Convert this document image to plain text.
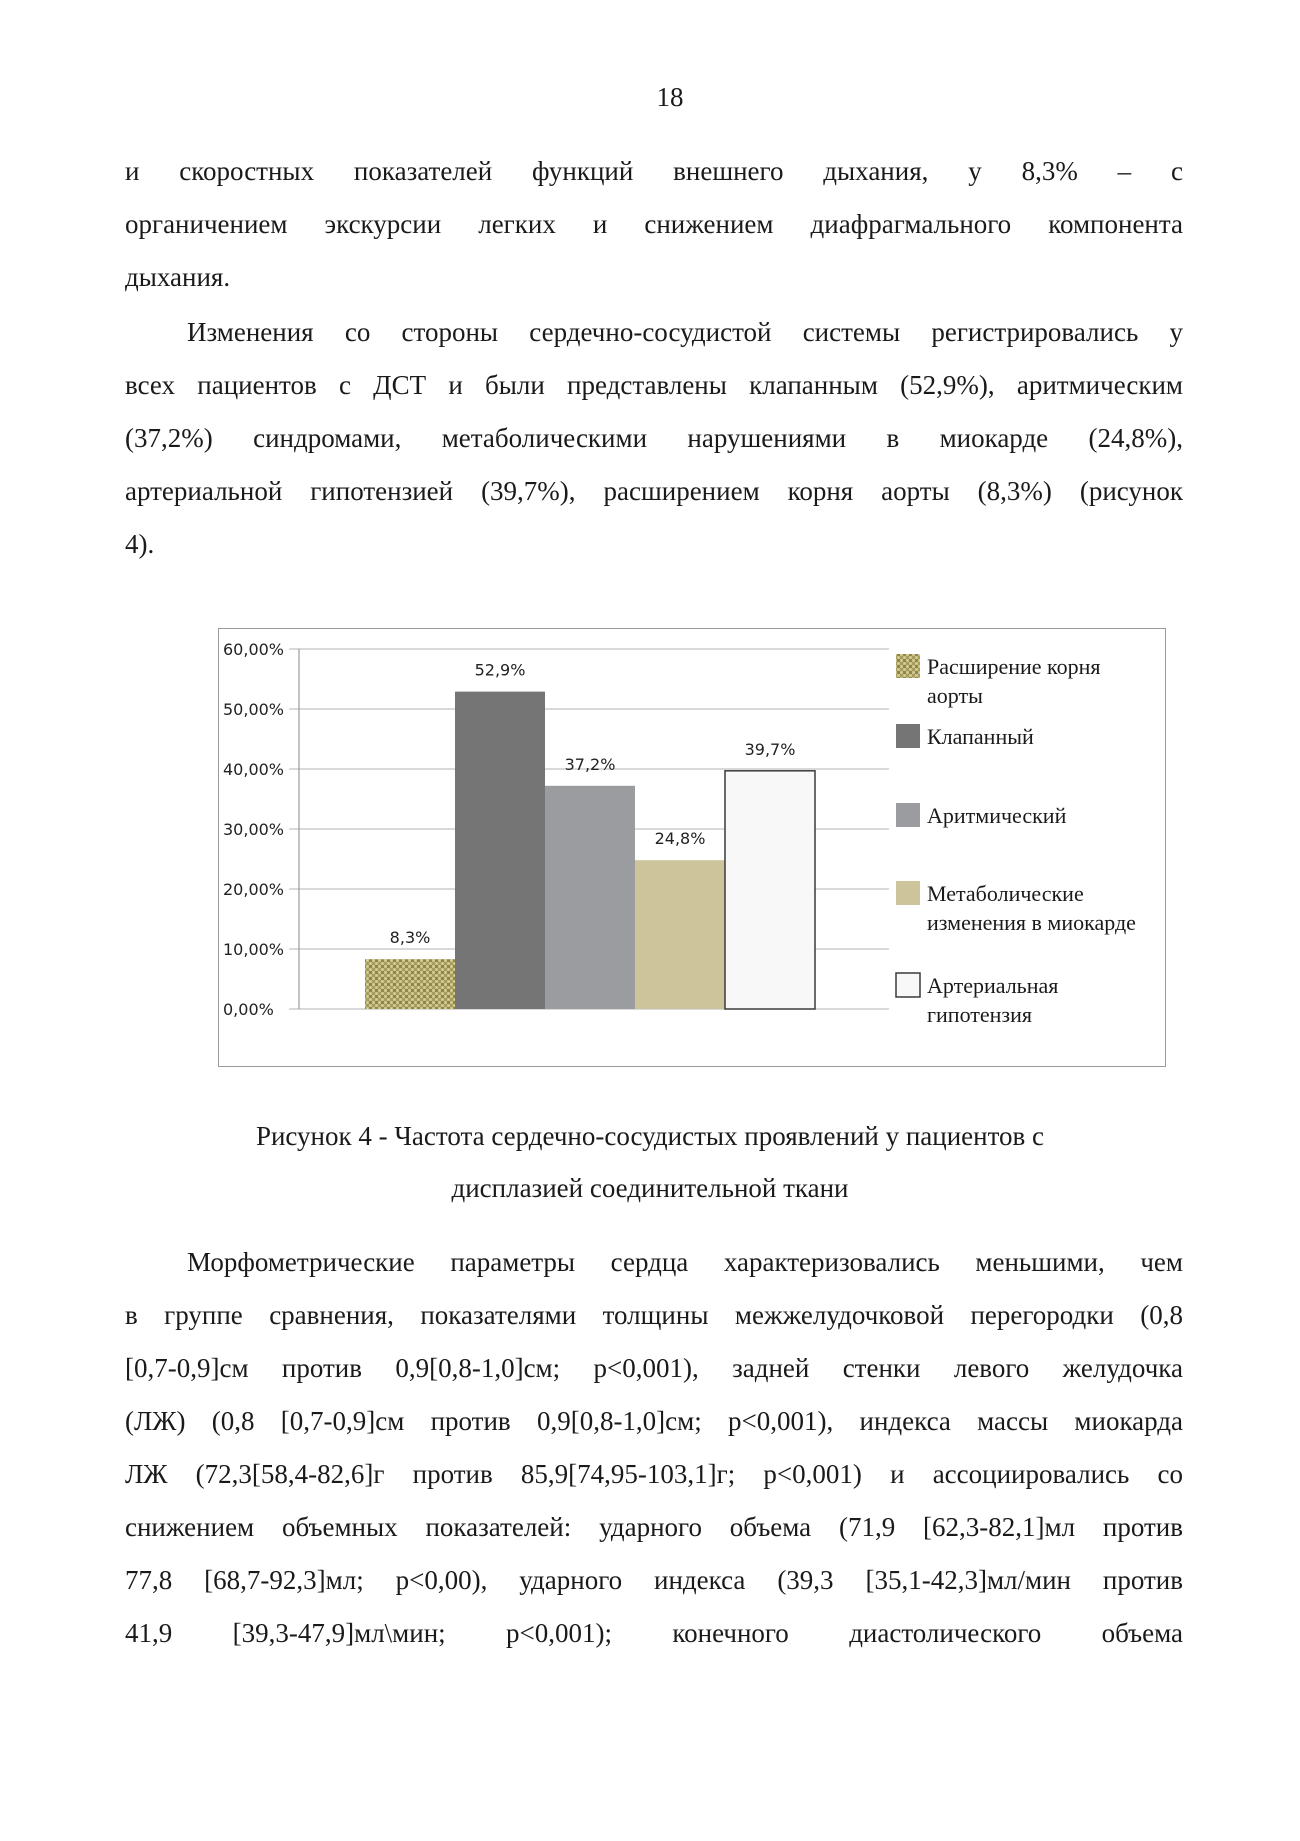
18

и скоростных показателей функций внешнего дыхания, у 8,3% – с
органичением экскурсии легких и снижением диафрагмального компонента
дыхания.

Изменения со стороны сердечно-сосудистой системы регистрировались у
всех пациентов с ДСТ и были представлены клапанным (52,9%), аритмическим
(37,2%) синдромами, метаболическими нарушениями в миокарде (24,8%),
артериальной гипотензией (39,7%), расширением корня аорты (8,3%) (рисунок
4).

0,00%
10,00%
20,00%
30,00%
40,00%
50,00%
60,00%
8,3%
52,9%
37,2%
24,8%
39,7%
Расширение корня
аорты
Клапанный
Аритмический
Метаболические
изменения в миокарде
Артериальная
гипотензия
Рисунок 4 - Частота сердечно-сосудистых проявлений у пациентов с
дисплазией соединительной ткани

Морфометрические параметры сердца характеризовались меньшими, чем
в группе сравнения, показателями толщины межжелудочковой перегородки (0,8
[0,7-0,9]см против 0,9[0,8-1,0]см; p<0,001), задней стенки левого желудочка
(ЛЖ) (0,8 [0,7-0,9]см против 0,9[0,8-1,0]см; p<0,001), индекса массы миокарда
ЛЖ (72,3[58,4-82,6]г против 85,9[74,95-103,1]г; p<0,001) и ассоциировались со
снижением объемных показателей: ударного объема (71,9 [62,3-82,1]мл против
77,8 [68,7-92,3]мл; p<0,00), ударного индекса (39,3 [35,1-42,3]мл/мин против
41,9 [39,3-47,9]мл\мин; p<0,001); конечного диастолического объема
